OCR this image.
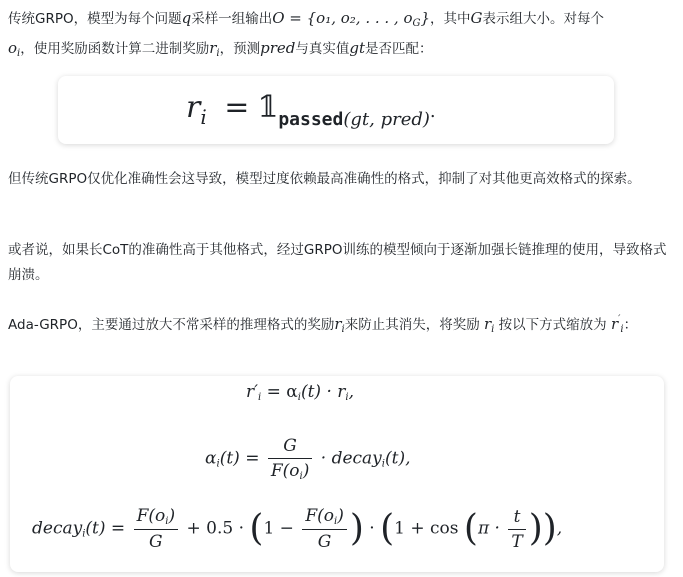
传统GRPO，模型为每个问题q采样一组输出O = {o₁, o₂, . . . , $o_G$}，其中G表示组大小。对每个
$o_i$，使用奖励函数计算二进制奖励$r_i$，预测pred与真实值gt是否匹配：

$r_i$ = $𝟙_{passed(gt, pred)}$.

但传统GRPO仅优化准确性会这导致，模型过度依赖最高准确性的格式，抑制了对其他更高效格式的探索。

或者说，如果长CoT的准确性高于其他格式，经过GRPO训练的模型倾向于逐渐加强长链推理的使用，导致格式崩溃。

Ada-GRPO，主要通过放大不常采样的推理格式的奖励$r_i$来防止其消失，将奖励 $r_i$ 按以下方式缩放为 $r'_i$：

$r'_i = \alpha_i(t) \cdot r_i$,
$\alpha_i(t) = \frac{G}{F(o_i)}$ · decay$_i$(t),
decay$_i$(t) = $\frac{F(o_i)}{G} + 0.5 \cdot (1 - \frac{F(o_i)}{G}$ ) · ($1 + \cos (\pi \cdot \frac{t}{T}$ )),
